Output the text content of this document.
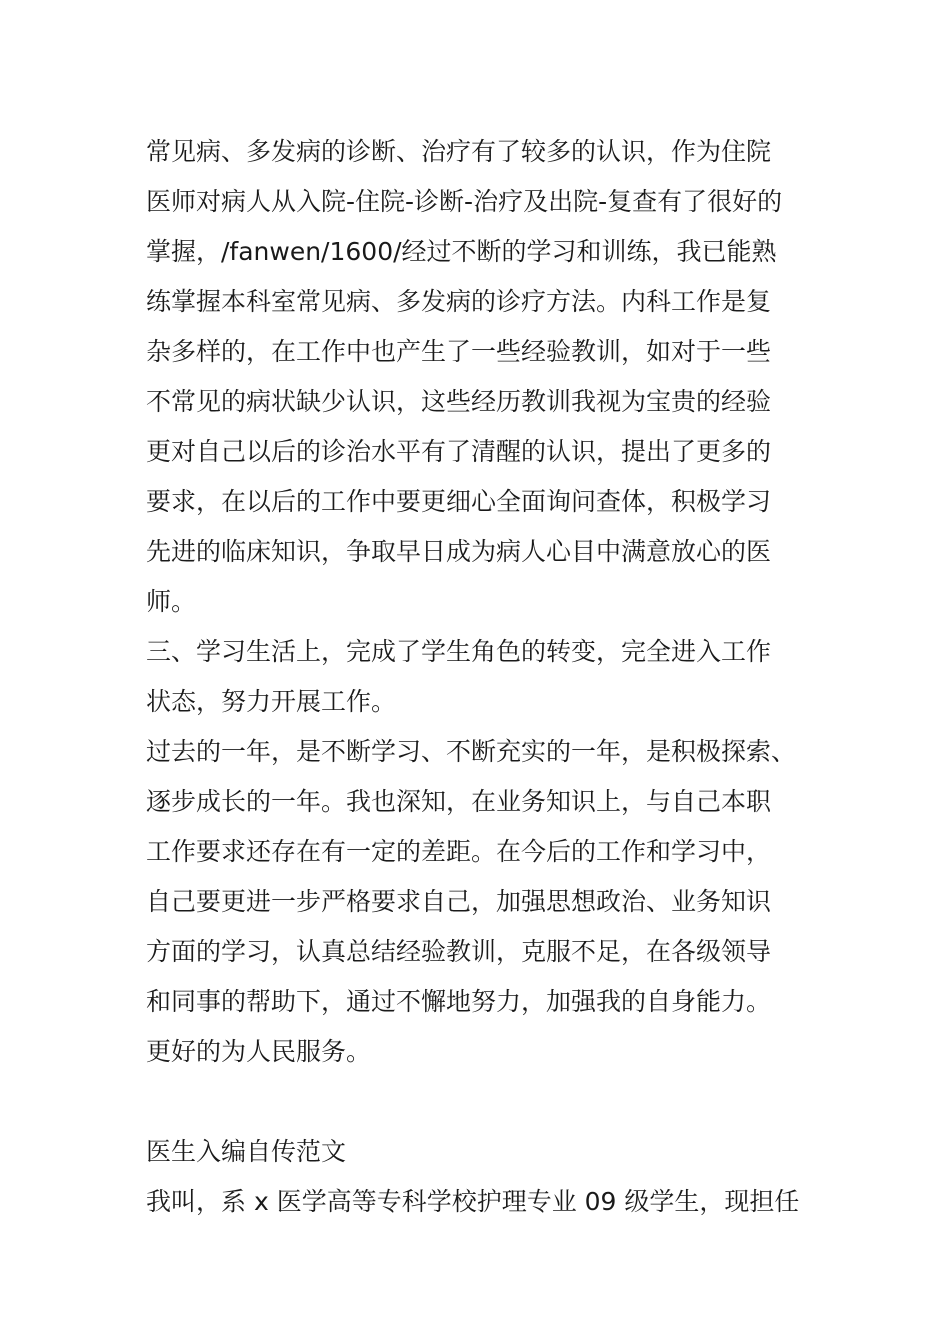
常见病、多发病的诊断、治疗有了较多的认识，作为住院
医师对病人从入院-住院-诊断-治疗及出院-复查有了很好的
掌握，/fanwen/1600/经过不断的学习和训练，我已能熟
练掌握本科室常见病、多发病的诊疗方法。内科工作是复
杂多样的，在工作中也产生了一些经验教训，如对于一些
不常见的病状缺少认识，这些经历教训我视为宝贵的经验
更对自己以后的诊治水平有了清醒的认识，提出了更多的
要求，在以后的工作中要更细心全面询问查体，积极学习
先进的临床知识，争取早日成为病人心目中满意放心的医
师。
三、学习生活上，完成了学生角色的转变，完全进入工作
状态，努力开展工作。
过去的一年，是不断学习、不断充实的一年，是积极探索、
逐步成长的一年。我也深知，在业务知识上，与自己本职
工作要求还存在有一定的差距。在今后的工作和学习中，
自己要更进一步严格要求自己，加强思想政治、业务知识
方面的学习，认真总结经验教训，克服不足，在各级领导
和同事的帮助下，通过不懈地努力，加强我的自身能力。
更好的为人民服务。
医生入编自传范文
我叫，系 x 医学高等专科学校护理专业 09 级学生，现担任
